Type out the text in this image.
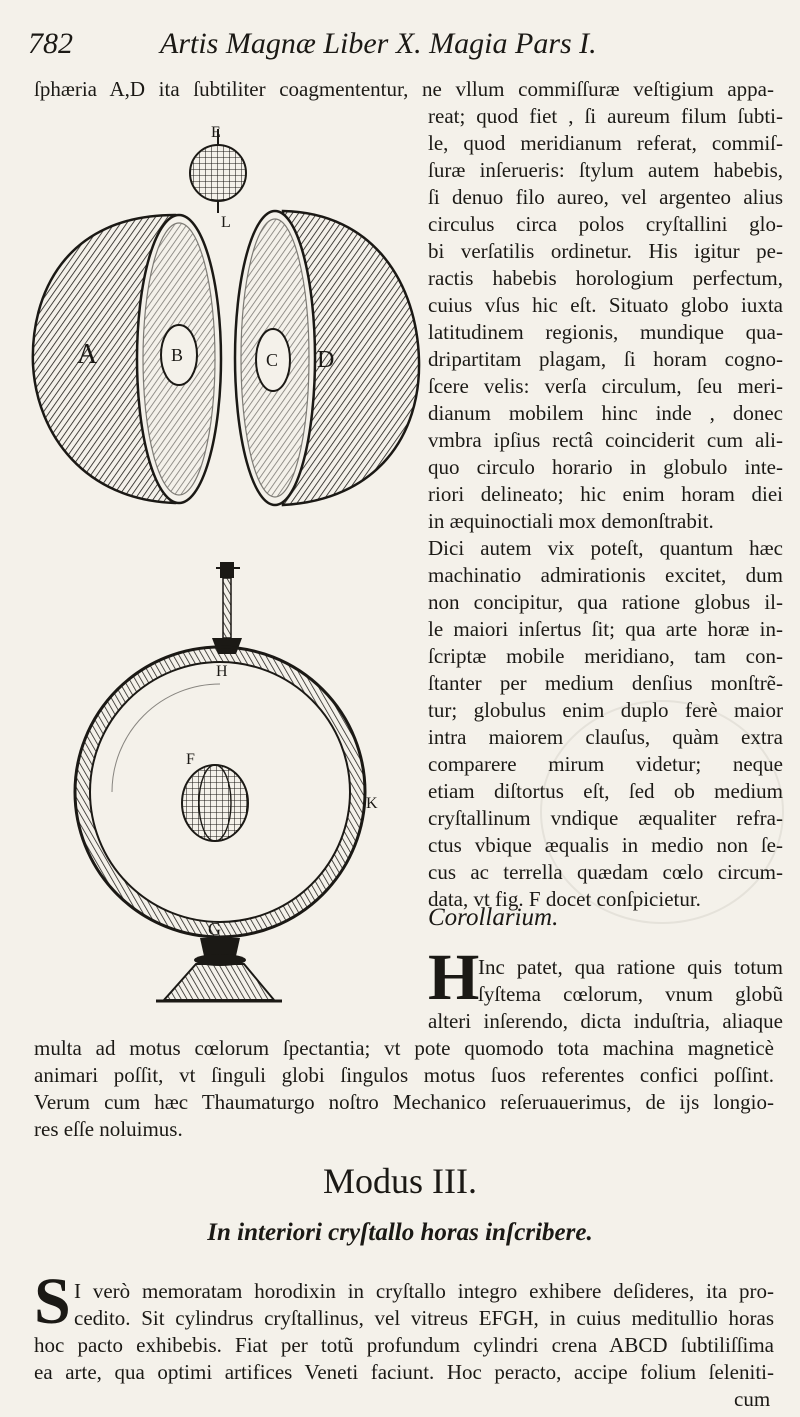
782	Artis Magnæ Liber X. Magia Pars I.
E
L
A	B	C D
H
F
K
G
ſphæria A,D ita ſubtiliter coagmententur, ne vllum commiſſuræ veſtigium appa-
reat; quod fiet , ſi aureum filum ſubti-
le, quod meridianum referat, commiſ-
ſuræ inſerueris: ſtylum autem habebis,
ſi denuo filo aureo, vel argenteo alius
circulus circa polos cryſtallini glo-
bi verſatilis ordinetur. His igitur pe-
ractis habebis horologium perfectum,
cuius vſus hic eſt. Situato globo iuxta
latitudinem regionis, mundique qua-
dripartitam plagam, ſi horam cogno-
ſcere velis: verſa circulum, ſeu meri-
dianum mobilem hinc inde , donec
vmbra ipſius rectâ coinciderit cum ali-
quo circulo horario in globulo inte-
riori delineato; hic enim horam diei
in æquinoctiali mox demonſtrabit.
Dici autem vix poteſt, quantum hæc
machinatio admirationis excitet, dum
non concipitur, qua ratione globus il-
le maiori inſertus ſit; qua arte horæ in-
ſcriptæ mobile meridiano, tam con-
ſtanter per medium denſius monſtrẽ-
tur; globulus enim duplo ferè maior
intra maiorem clauſus, quàm extra
comparere mirum videtur; neque
etiam diſtortus eſt, ſed ob medium
cryſtallinum vndique æqualiter refra-
ctus vbique æqualis in medio non ſe-
cus ac terrella quædam cœlo circum-
data, vt fig. F docet conſpicietur.
Corollarium.
H
Inc patet, qua ratione quis totum
ſyſtema cœlorum, vnum globũ
alteri inſerendo, dicta induſtria, aliaque
multa ad motus cœlorum ſpectantia; vt pote quomodo tota machina magneticè
animari poſſit, vt ſinguli globi ſingulos motus ſuos referentes confici poſſint.
Verum cum hæc Thaumaturgo noſtro Mechanico reſeruauerimus, de ijs longio-
res eſſe noluimus.
Modus III.
In interiori cryſtallo horas inſcribere.
S I verò memoratam horodixin in cryſtallo integro exhibere deſideres, ita pro-
cedito. Sit cylindrus cryſtallinus, vel vitreus EFGH, in cuius meditullio horas
hoc pacto exhibebis. Fiat per totũ profundum cylindri crena ABCD ſubtiliſſima
ea arte, qua optimi artifices Veneti faciunt. Hoc peracto, accipe folium ſeleniti-
cum
